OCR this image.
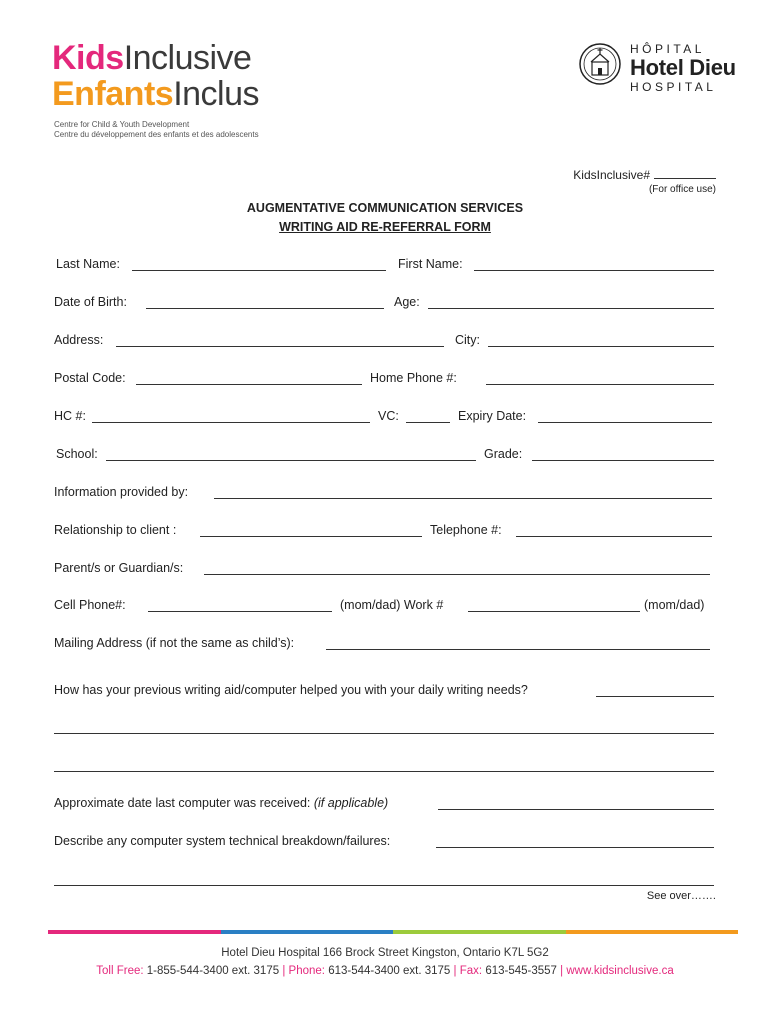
KidsInclusive
EnfantsInclus
Centre for Child & Youth Development
Centre du développement des enfants et des adolescents
HÔPITAL
Hotel Dieu
HOSPITAL
KidsInclusive#
(For office use)
AUGMENTATIVE COMMUNICATION SERVICES
WRITING AID RE-REFERRAL FORM
Last Name:	First Name:
Date of Birth:	Age:
Address:	City:
Postal Code:	Home Phone #:
HC #:	VC:	Expiry Date:
School:	Grade:
Information provided by:
Relationship to client :	Telephone #:
Parent/s or Guardian/s:
Cell Phone#:	(mom/dad) Work #	(mom/dad)
Mailing Address (if not the same as child’s):
How has your previous writing aid/computer helped you with your daily writing needs?
Approximate date last computer was received: (if applicable)
Describe any computer system technical breakdown/failures:
See over…….
Hotel Dieu Hospital 166 Brock Street Kingston, Ontario K7L 5G2
Toll Free: 1-855-544-3400 ext. 3175 | Phone: 613-544-3400 ext. 3175 | Fax: 613-545-3557 | www.kidsinclusive.ca
